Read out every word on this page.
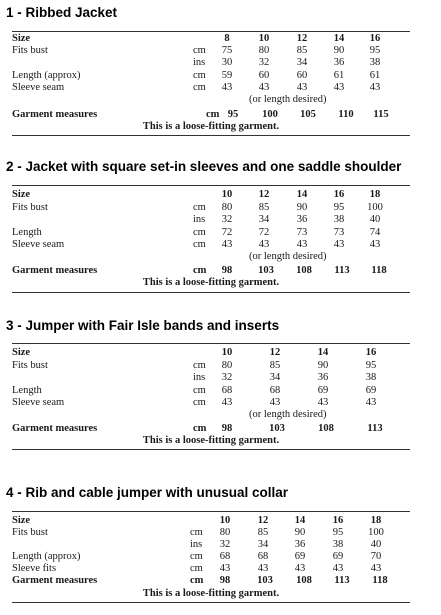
1 - Ribbed Jacket
Size	8	10	12	14	16
Fits bust	cm	75	80	85	90	95
ins	30	32	34	36	38
Length (approx)	cm	59	60	60	61	61
Sleeve seam	cm	43	43	43	43	43
(or length desired)
Garment measures	cm 95	100	105	110	115
This is a loose-fitting garment.
2 - Jacket with square set-in sleeves and one saddle shoulder
Size	10	12	14	16	18
Fits bust	cm	80	85	90	95	100
ins	32	34	36	38	40
Length	cm	72	72	73	73	74
Sleeve seam	cm	43	43	43	43	43
(or length desired)
Garment measures	cm	98	103	108	113	118
This is a loose-fitting garment.
3 - Jumper with Fair Isle bands and inserts
Size	10	12	14	16
Fits bust	cm	80	85	90	95
ins	32	34	36	38
Length	cm	68	68	69	69
Sleeve seam	cm	43	43	43	43
(or length desired)
Garment measures	cm	98	103	108	113
This is a loose-fitting garment.
4 - Rib and cable jumper with unusual collar
Size	10	12	14	16	18
Fits bust	cm	80	85	90	95	100
ins	32	34	36	38	40
Length (approx)	cm	68	68	69	69	70
Sleeve fits	cm	43	43	43	43	43
Garment measures	cm	98	103	108	113	118
This is a loose-fitting garment.
